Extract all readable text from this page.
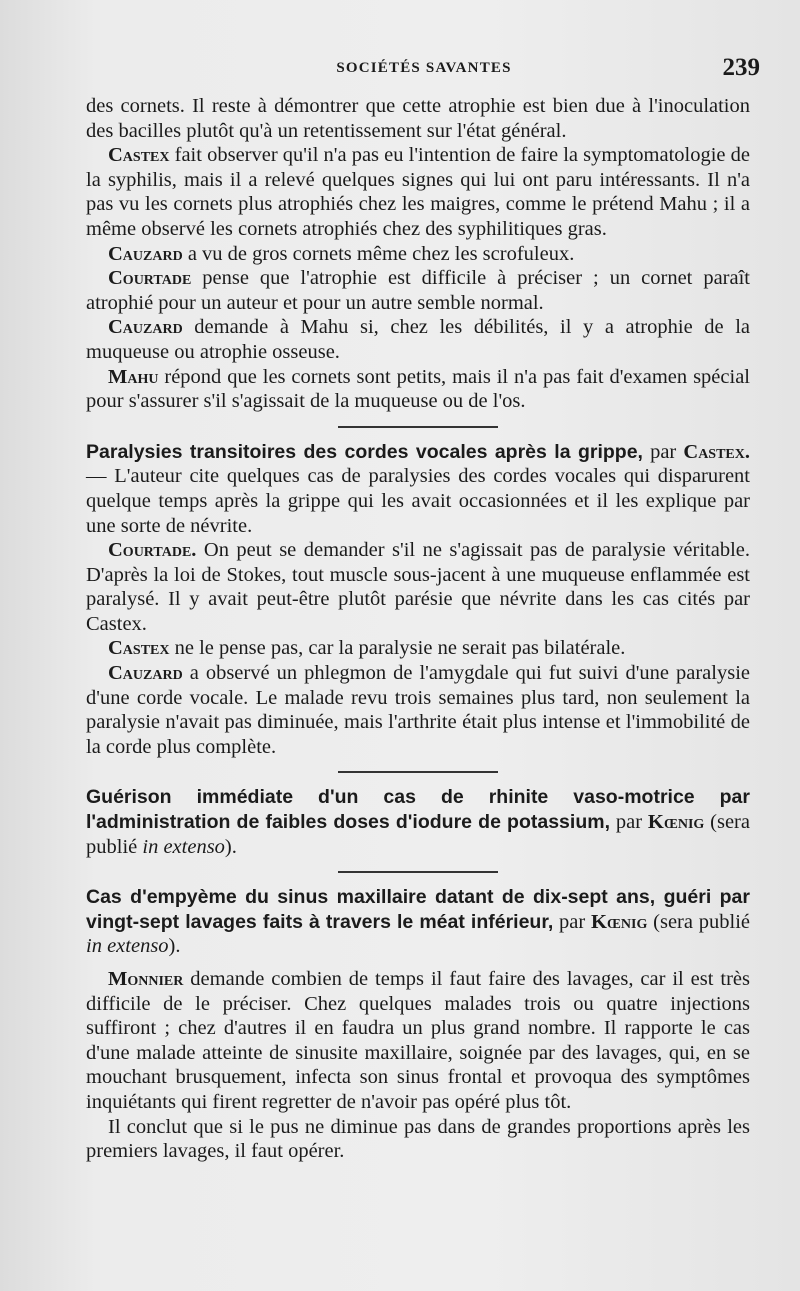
SOCIÉTÉS SAVANTES	239

des cornets. Il reste à démontrer que cette atrophie est bien due à l'inoculation des bacilles plutôt qu'à un retentissement sur l'état général.

Castex fait observer qu'il n'a pas eu l'intention de faire la symptomatologie de la syphilis, mais il a relevé quelques signes qui lui ont paru intéressants. Il n'a pas vu les cornets plus atrophiés chez les maigres, comme le prétend Mahu ; il a même observé les cornets atrophiés chez des syphilitiques gras.

Cauzard a vu de gros cornets même chez les scrofuleux.

Courtade pense que l'atrophie est difficile à préciser ; un cornet paraît atrophié pour un auteur et pour un autre semble normal.

Cauzard demande à Mahu si, chez les débilités, il y a atrophie de la muqueuse ou atrophie osseuse.

Mahu répond que les cornets sont petits, mais il n'a pas fait d'examen spécial pour s'assurer s'il s'agissait de la muqueuse ou de l'os.

Paralysies transitoires des cordes vocales après la grippe, par Castex. — L'auteur cite quelques cas de paralysies des cordes vocales qui disparurent quelque temps après la grippe qui les avait occasionnées et il les explique par une sorte de névrite.

Courtade. On peut se demander s'il ne s'agissait pas de paralysie véritable. D'après la loi de Stokes, tout muscle sous-jacent à une muqueuse enflammée est paralysé. Il y avait peut-être plutôt parésie que névrite dans les cas cités par Castex.

Castex ne le pense pas, car la paralysie ne serait pas bilatérale.

Cauzard a observé un phlegmon de l'amygdale qui fut suivi d'une paralysie d'une corde vocale. Le malade revu trois semaines plus tard, non seulement la paralysie n'avait pas diminuée, mais l'arthrite était plus intense et l'immobilité de la corde plus complète.

Guérison immédiate d'un cas de rhinite vaso-motrice par l'administration de faibles doses d'iodure de potassium, par Kœnig (sera publié in extenso).

Cas d'empyème du sinus maxillaire datant de dix-sept ans, guéri par vingt-sept lavages faits à travers le méat inférieur, par Kœnig (sera publié in extenso).

Monnier demande combien de temps il faut faire des lavages, car il est très difficile de le préciser. Chez quelques malades trois ou quatre injections suffiront ; chez d'autres il en faudra un plus grand nombre. Il rapporte le cas d'une malade atteinte de sinusite maxillaire, soignée par des lavages, qui, en se mouchant brusquement, infecta son sinus frontal et provoqua des symptômes inquiétants qui firent regretter de n'avoir pas opéré plus tôt.

Il conclut que si le pus ne diminue pas dans de grandes proportions après les premiers lavages, il faut opérer.
